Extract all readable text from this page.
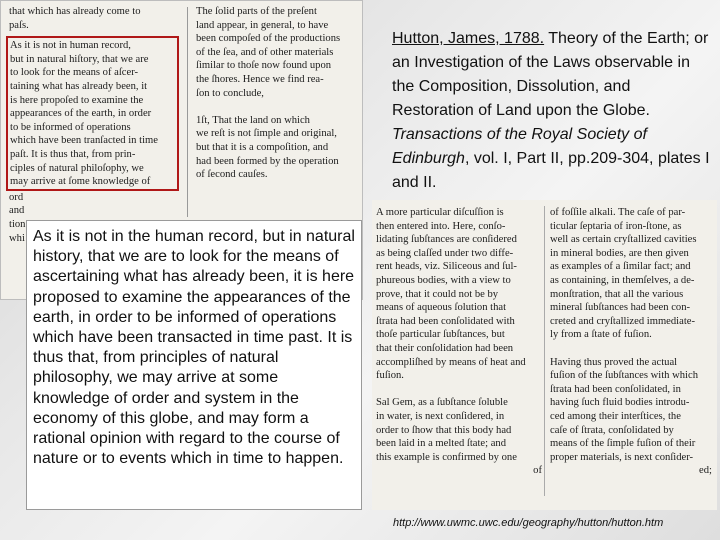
that which has already come to
paſs.
As it is not in human record,
but in natural hiſtory, that we are
to look for the means of aſcer-
taining what has already been, it
is here propoſed to examine the
appearances of the earth, in order
to be informed of operations
which have been tranſacted in time
paſt. It is thus that, from prin-
ciples of natural philoſophy, we
may arrive at ſome knowledge of
ord
and
tion
whi
The ſolid parts of the preſent
land appear, in general, to have
been compoſed of the productions
of the ſea, and of other materials
ſimilar to thoſe now found upon
the ſhores. Hence we find rea-
ſon to conclude,

1ſt, That the land on which
we reſt is not ſimple and original,
but that it is a compoſition, and
had been formed by the operation
of ſecond cauſes.
Hutton, James, 1788. Theory of the Earth; or an Investigation of the Laws observable in the Composition, Dissolution, and Restoration of Land upon the Globe. Transactions of the Royal Society of Edinburgh, vol. I, Part II, pp.209-304, plates I and II.
A more particular diſcuſſion is
then entered into. Here, conſo-
lidating ſubſtances are conſidered
as being claſſed under two diffe-
rent heads, viz. Siliceous and ſul-
phureous bodies, with a view to
prove, that it could not be by
means of aqueous ſolution that
ſtrata had been conſolidated with
thoſe particular ſubſtances, but
that their conſolidation had been
accompliſhed by means of heat and
fuſion.

Sal Gem, as a ſubſtance ſoluble
in water, is next conſidered, in
order to ſhow that this body had
been laid in a melted ſtate; and
this example is confirmed by one
of
of foſſile alkali. The caſe of par-
ticular ſeptaria of iron-ſtone, as
well as certain cryſtallized cavities
in mineral bodies, are then given
as examples of a ſimilar fact; and
as containing, in themſelves, a de-
monſtration, that all the various
mineral ſubſtances had been con-
creted and cryſtallized immediate-
ly from a ſtate of fuſion.

Having thus proved the actual
fuſion of the ſubſtances with which
ſtrata had been conſolidated, in
having ſuch fluid bodies introdu-
ced among their interſtices, the
caſe of ſtrata, conſolidated by
means of the ſimple fuſion of their
proper materials, is next conſider-
ed;
As it is not in the human record, but in natural history, that we are to look for the means of ascertaining what has already been, it is here proposed to examine the appearances of the earth, in order to be informed of operations which have been transacted in time past. It is thus that, from principles of natural philosophy, we may arrive at some knowledge of order and system in the economy of this globe, and may form a rational opinion with regard to the course of nature or to events which in time to happen.
http://www.uwmc.uwc.edu/geography/hutton/hutton.htm
